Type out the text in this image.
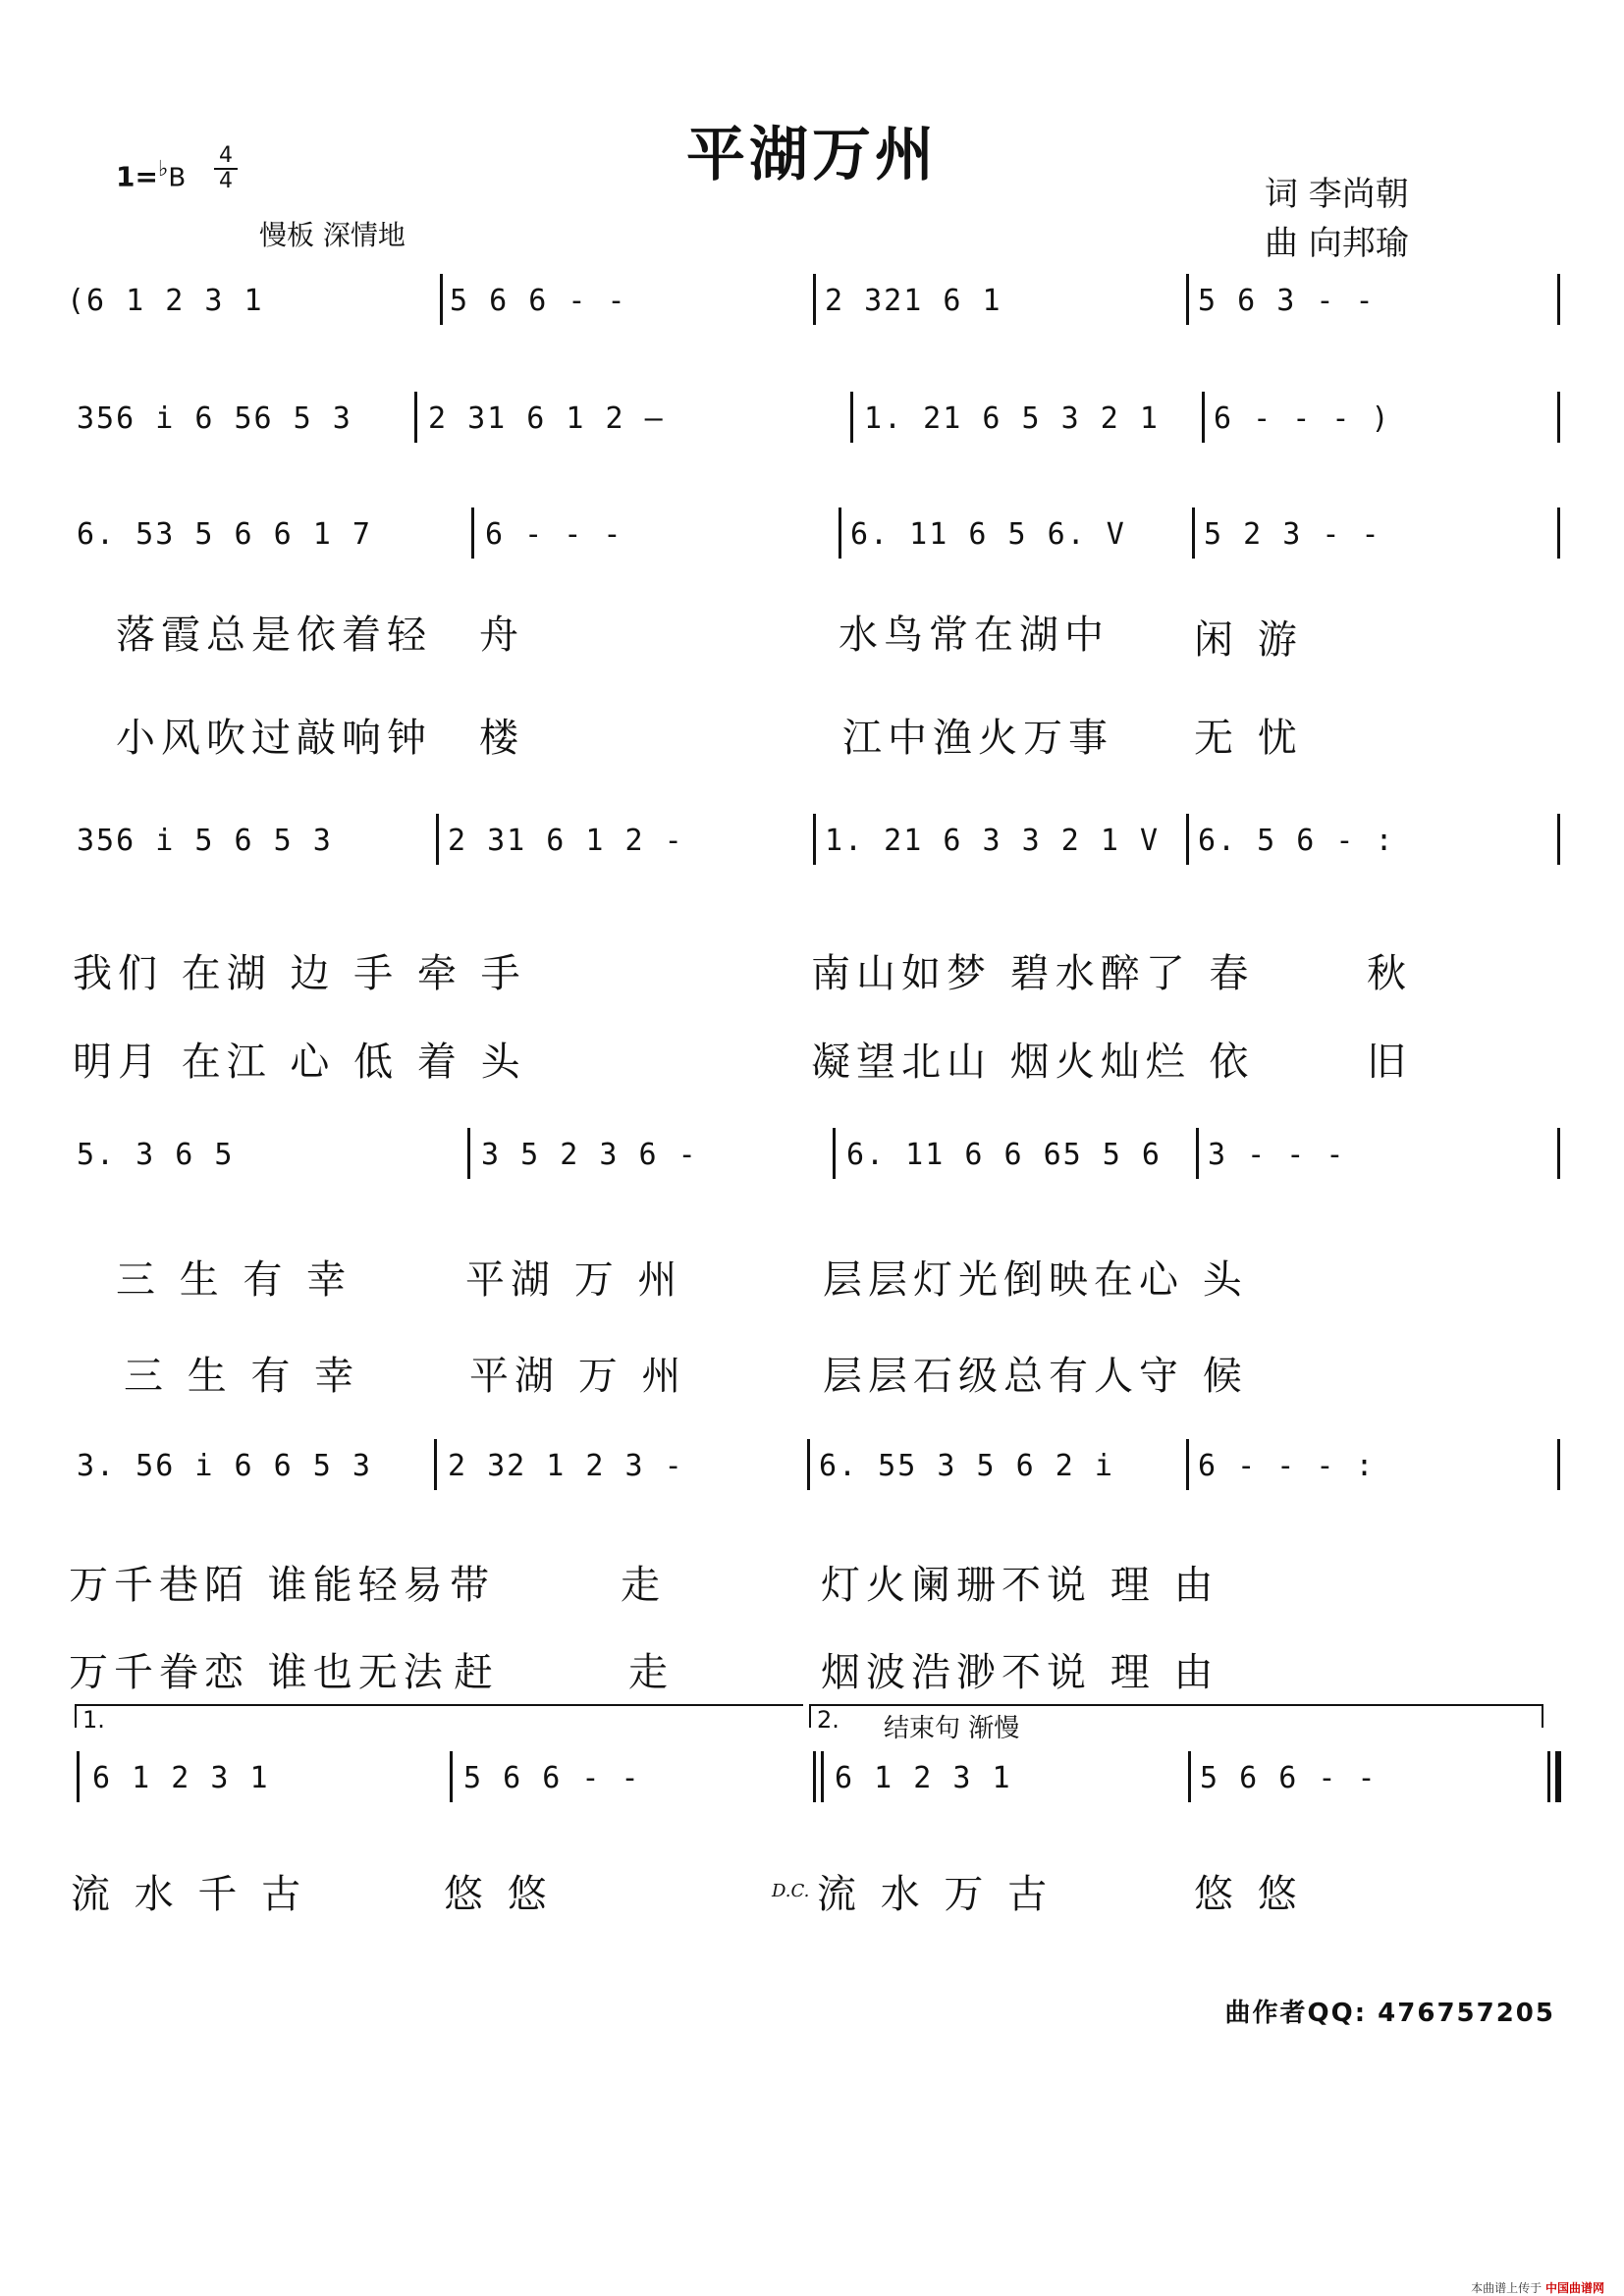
平湖万州
1=♭B
4
4
慢板 深情地
词 李尚朝
曲 向邦瑜
(6 1 2 3 1	5 6 6 - -	2 321 6 1	5 6 3 - -
356 i 6 56 5 3	2 31 6 1 2 —	1. 21 6 5 3 2 1 6 - - - )
6. 53 5 6 6 1 7	6 - - -	6. 11 6 5 6. V	5 2 3 - -
落霞总是依着轻 舟	水鸟常在湖中 闲 游
小风吹过敲响钟 楼	江中渔火万事 无 忧
356 i 5 6 5 3	2 31 6 1 2 -	1. 21 6 3 3 2 1 V 6. 5 6 - :
我们 在湖 边 手 牵 手	南山如梦 碧水醉了 春	秋
明月 在江 心 低 着 头	凝望北山 烟火灿烂 依	旧
5. 3 6 5	3 5 2 3 6 -	6. 11 6 6 65 5 6 3 - - -
三 生 有 幸	平湖 万 州	层层灯光倒映在心 头
三 生 有 幸	平湖 万 州	层层石级总有人守 候
3. 56 i 6 6 5 3	2 32 1 2 3 -	6. 55 3 5 6 2 i	6 - - - :
万千巷陌 谁能轻易 带	走	灯火阑珊不说 理 由
万千眷恋 谁也无法 赶	走	烟波浩渺不说 理 由
1.	2. 结束句 渐慢
6 1 2 3 1	5 6 6 - -	6 1 2 3 1	5 6 6 - -
流 水 千 古	悠 悠	D.C. 流 水 万 古	悠 悠
曲作者QQ: 476757205
本曲谱上传于 中国曲谱网
